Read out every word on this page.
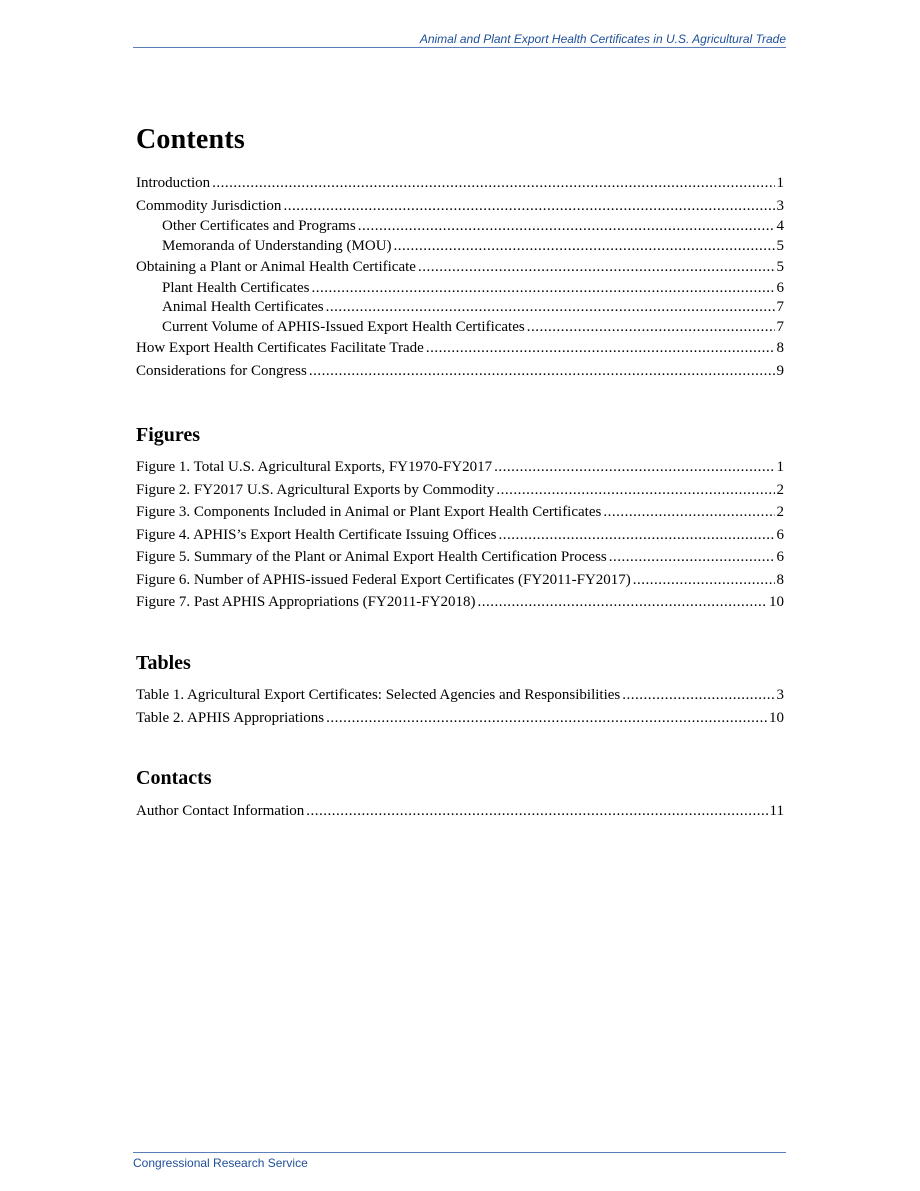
Animal and Plant Export Health Certificates in U.S. Agricultural Trade
Contents
Introduction .....	1
Commodity Jurisdiction .....	3
Other Certificates and Programs .....	4
Memoranda of Understanding (MOU) .....	5
Obtaining a Plant or Animal Health Certificate .....	5
Plant Health Certificates .....	6
Animal Health Certificates .....	7
Current Volume of APHIS-Issued Export Health Certificates .....	7
How Export Health Certificates Facilitate Trade .....	8
Considerations for Congress .....	9
Figures
Figure 1. Total U.S. Agricultural Exports, FY1970-FY2017 .....	1
Figure 2. FY2017 U.S. Agricultural Exports by Commodity .....	2
Figure 3. Components Included in Animal or Plant Export Health Certificates .....	2
Figure 4. APHIS’s Export Health Certificate Issuing Offices .....	6
Figure 5. Summary of the Plant or Animal Export Health Certification Process .....	6
Figure 6. Number of APHIS-issued Federal Export Certificates (FY2011-FY2017) .....	8
Figure 7. Past APHIS Appropriations (FY2011-FY2018) .....	10
Tables
Table 1. Agricultural Export Certificates: Selected Agencies and Responsibilities .....	3
Table 2. APHIS Appropriations .....	10
Contacts
Author Contact Information .....	11
Congressional Research Service
